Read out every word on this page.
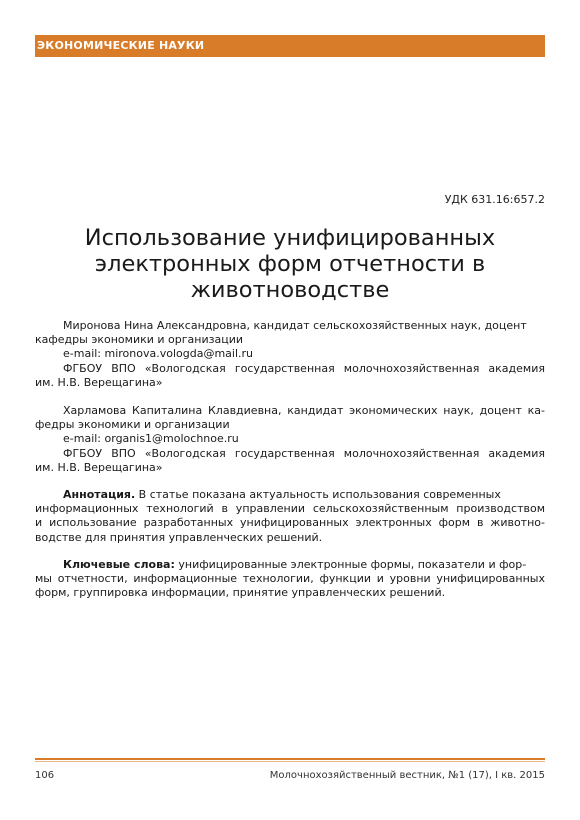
ЭКОНОМИЧЕСКИЕ НАУКИ
УДК 631.16:657.2
Использование унифицированных
электронных форм отчетности в
животноводстве
Миронова Нина Александровна, кандидат сельскохозяйственных наук, доцент
кафедры экономики и организации
e-mail: mironova.vologda@mail.ru
ФГБОУ ВПО «Вологодская государственная молочнохозяйственная академия
им. Н.В. Верещагина»
Харламова Капиталина Клавдиевна, кандидат экономических наук, доцент ка-
федры экономики и организации
e-mail: organis1@molochnoe.ru
ФГБОУ ВПО «Вологодская государственная молочнохозяйственная академия
им. Н.В. Верещагина»
Аннотация. В статье показана актуальность использования современных
информационных технологий в управлении сельскохозяйственным производством
и использование разработанных унифицированных электронных форм в животно-
водстве для принятия управленческих решений.
Ключевые слова: унифицированные электронные формы, показатели и фор-
мы отчетности, информационные технологии, функции и уровни унифицированных
форм, группировка информации, принятие управленческих решений.
106	Молочнохозяйственный вестник, №1 (17), I кв. 2015
